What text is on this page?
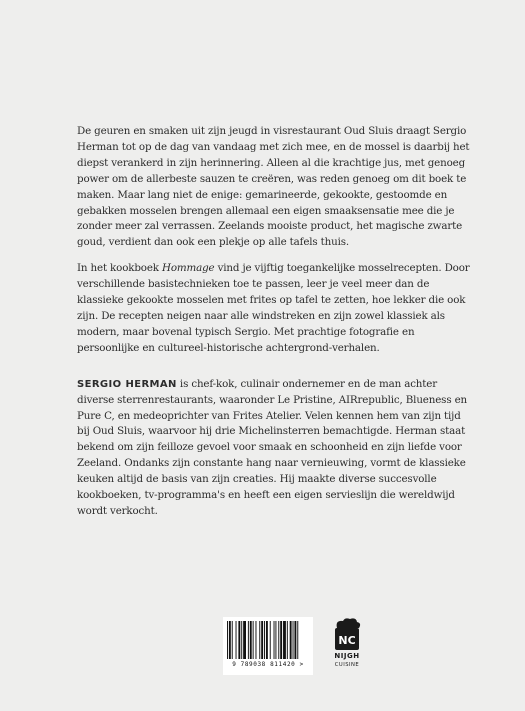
De geuren en smaken uit zijn jeugd in visrestaurant Oud Sluis draagt Sergio Herman tot op de dag van vandaag met zich mee, en de mossel is daarbij het diepst verankerd in zijn herinnering. Alleen al die krachtige jus, met genoeg power om de allerbeste sauzen te creëren, was reden genoeg om dit boek te maken. Maar lang niet de enige: gemarineerde, gekookte, gestoomde en gebakken mosselen brengen allemaal een eigen smaaksensatie mee die je zonder meer zal verrassen. Zeelands mooiste product, het magische zwarte goud, verdient dan ook een plekje op alle tafels thuis.

In het kookboek Hommage vind je vijftig toegankelijke mosselrecepten. Door verschillende basistechnieken toe te passen, leer je veel meer dan de klassieke gekookte mosselen met frites op tafel te zetten, hoe lekker die ook zijn. De recepten neigen naar alle windstreken en zijn zowel klassiek als modern, maar bovenal typisch Sergio. Met prachtige fotografie en persoonlijke en cultureel-historische achtergrond-verhalen.

SERGIO HERMAN is chef-kok, culinair ondernemer en de man achter diverse sterrenrestaurants, waaronder Le Pristine, AIRrepublic, Blueness en Pure C, en medeoprichter van Frites Atelier. Velen kennen hem van zijn tijd bij Oud Sluis, waarvoor hij drie Michelinsterren bemachtigde. Herman staat bekend om zijn feilloze gevoel voor smaak en schoonheid en zijn liefde voor Zeeland. Ondanks zijn constante hang naar vernieuwing, vormt de klassieke keuken altijd de basis van zijn creaties. Hij maakte diverse succesvolle kookboeken, tv-programma's en heeft een eigen servieslijn die wereldwijd wordt verkocht.

9 789038 811420 >
NC
NIJGH
CUISINE
